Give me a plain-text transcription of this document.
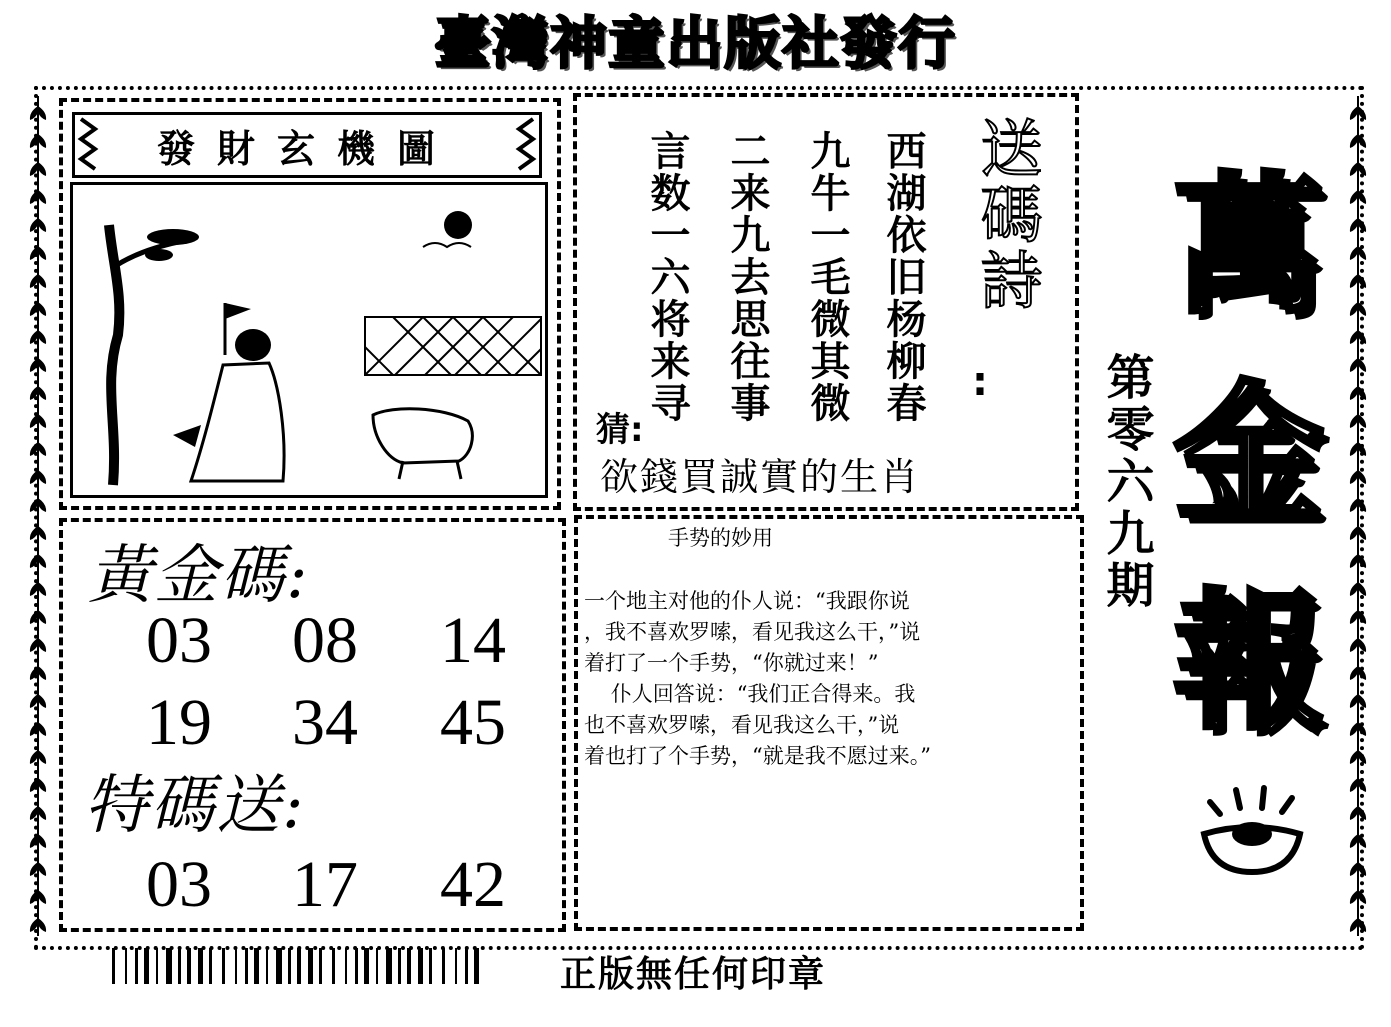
臺灣神童出版社發行
發財玄機圖	西湖依旧杨柳春
九牛一毛微其微
二来九去思往事
言数一六将来寻	送碼詩
:
猜:
欲錢買誠實的生肖
黃金碼:
03 08 14
19 34 45
特碼送:
03 17 42
手势的妙用
一个地主对他的仆人说：“我跟你说
，我不喜欢罗嗦，看见我这么干，”说
着打了一个手势，“你就过来！”
仆人回答说：“我们正合得来。我
也不喜欢罗嗦，看见我这么干，”说
着也打了个手势，“就是我不愿过来。”
萬
金
報
第零六九期
正版無任何印章
